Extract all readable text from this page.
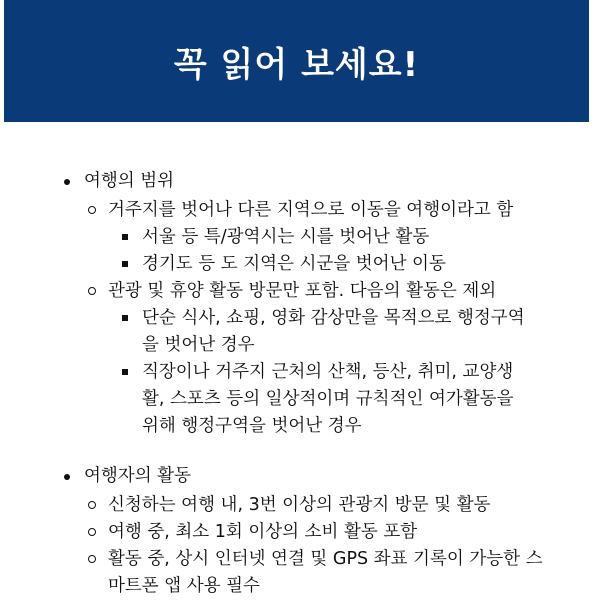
꼭 읽어 보세요!
여행의 범위
거주지를 벗어나 다른 지역으로 이동을 여행이라고 함
서울 등 특/광역시는 시를 벗어난 활동
경기도 등 도 지역은 시군을 벗어난 이동
관광 및 휴양 활동 방문만 포함. 다음의 활동은 제외
단순 식사, 쇼핑, 영화 감상만을 목적으로 행정구역을 벗어난 경우
직장이나 거주지 근처의 산책, 등산, 취미, 교양생활, 스포츠 등의 일상적이며 규칙적인 여가활동을 위해 행정구역을 벗어난 경우
여행자의 활동
신청하는 여행 내, 3번 이상의 관광지 방문 및 활동
여행 중, 최소 1회 이상의 소비 활동 포함
활동 중, 상시 인터넷 연결 및 GPS 좌표 기록이 가능한 스마트폰 앱 사용 필수
